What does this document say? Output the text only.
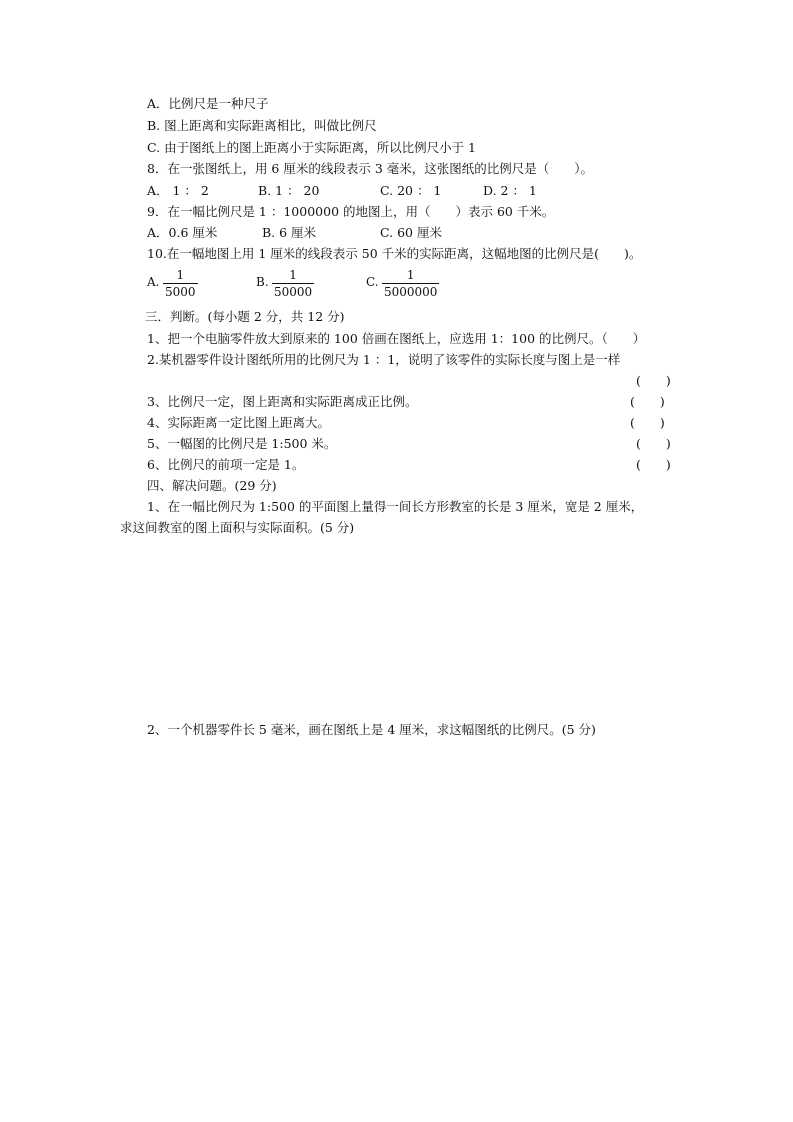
A．比例尺是一种尺子
B. 图上距离和实际距离相比，叫做比例尺
C. 由于图纸上的图上距离小于实际距离，所以比例尺小于 1
8．在一张图纸上，用 6 厘米的线段表示 3 毫米，这张图纸的比例尺是（　　）。
A． 1 ： 2	B. 1 ： 20	C. 20 ： 1	D. 2 ： 1
9．在一幅比例尺是 1 ：1000000 的地图上，用（　　）表示 60 千米。
A．0.6 厘米	B. 6 厘米	C. 60 厘米
10.在一幅地图上用 1 厘米的线段表示 50 千米的实际距离，这幅地图的比例尺是(　　)。
A.	1
5000
B.	1
50000
C.	1
5000000
三．判断。(每小题 2 分，共 12 分)
1、把一个电脑零件放大到原来的 100 倍画在图纸上，应选用 1：100 的比例尺。（　　）
2.某机器零件设计图纸所用的比例尺为 1 ：1，说明了该零件的实际长度与图上是一样
(　　)
3、比例尺一定，图上距离和实际距离成正比例。	(　　)
4、实际距离一定比图上距离大。	(　　)
5、一幅图的比例尺是 1:500 米。	(　　)
6、比例尺的前项一定是 1。	(　　)
四、解决问题。(29 分)
1、在一幅比例尺为 1:500 的平面图上量得一间长方形教室的长是 3 厘米，宽是 2 厘米，
求这间教室的图上面积与实际面积。(5 分)
2、一个机器零件长 5 毫米，画在图纸上是 4 厘米，求这幅图纸的比例尺。(5 分)
